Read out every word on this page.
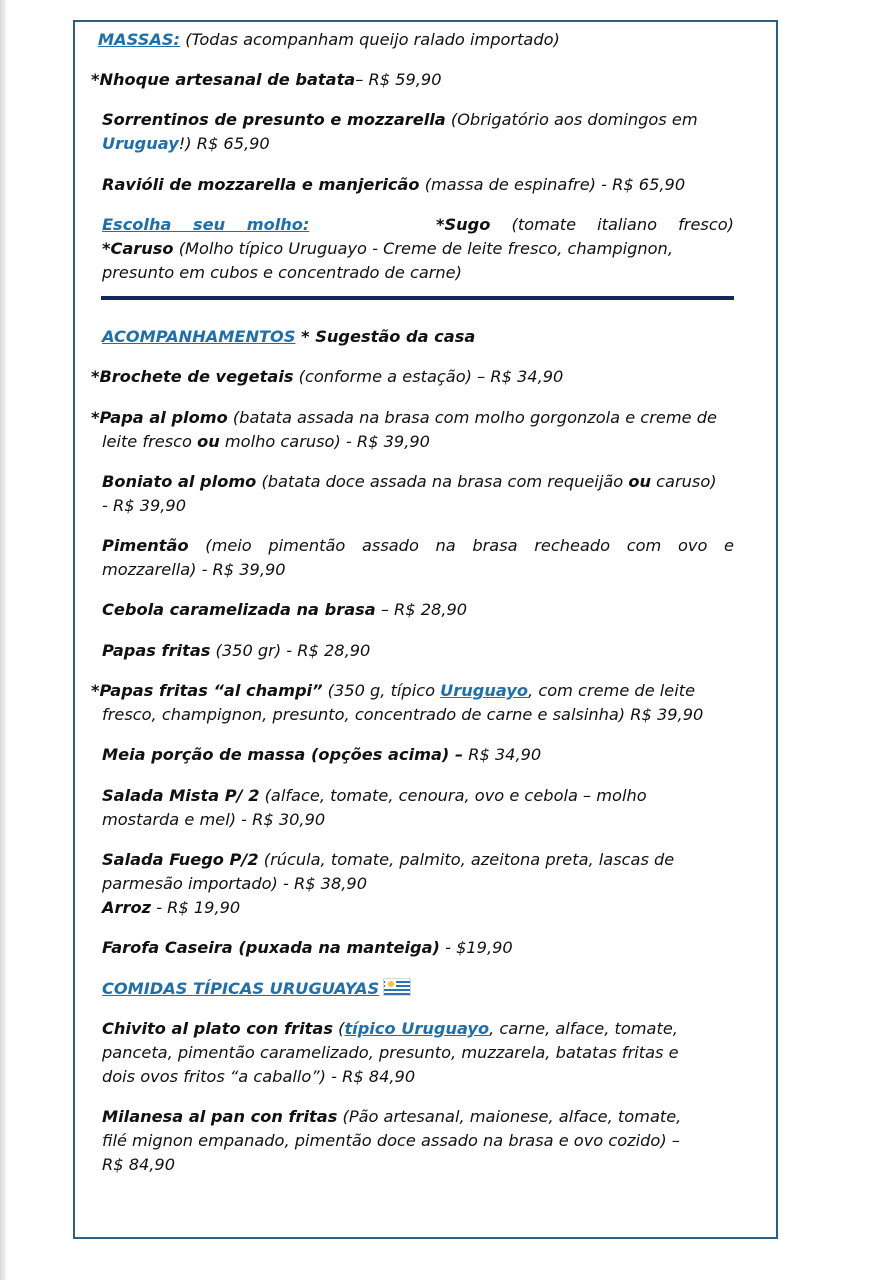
MASSAS: (Todas acompanham queijo ralado importado)
*Nhoque artesanal de batata– R$ 59,90
Sorrentinos de presunto e mozzarella (Obrigatório aos domingos em
Uruguay!) R$ 65,90
Ravióli de mozzarella e manjericão (massa de espinafre) - R$ 65,90
Escolha seu molho:	*Sugo (tomate italiano fresco)
*Caruso (Molho típico Uruguayo - Creme de leite fresco, champignon,
presunto em cubos e concentrado de carne)
ACOMPANHAMENTOS * Sugestão da casa
*Brochete de vegetais (conforme a estação) – R$ 34,90
*Papa al plomo (batata assada na brasa com molho gorgonzola e creme de
leite fresco ou molho caruso) - R$ 39,90
Boniato al plomo (batata doce assada na brasa com requeijão ou caruso)
- R$ 39,90
Pimentão (meio pimentão assado na brasa recheado com ovo e
mozzarella) - R$ 39,90
Cebola caramelizada na brasa – R$ 28,90
Papas fritas (350 gr) - R$ 28,90
*Papas fritas “al champi” (350 g, típico Uruguayo, com creme de leite
fresco, champignon, presunto, concentrado de carne e salsinha) R$ 39,90
Meia porção de massa (opções acima) – R$ 34,90
Salada Mista P/ 2 (alface, tomate, cenoura, ovo e cebola – molho
mostarda e mel) - R$ 30,90
Salada Fuego P/2 (rúcula, tomate, palmito, azeitona preta, lascas de
parmesão importado) - R$ 38,90
Arroz - R$ 19,90
Farofa Caseira (puxada na manteiga) - $19,90
COMIDAS TÍPICAS URUGUAYAS
Chivito al plato con fritas (típico Uruguayo, carne, alface, tomate,
panceta, pimentão caramelizado, presunto, muzzarela, batatas fritas e
dois ovos fritos “a caballo”) - R$ 84,90
Milanesa al pan con fritas (Pão artesanal, maionese, alface, tomate,
filé mignon empanado, pimentão doce assado na brasa e ovo cozido) –
R$ 84,90
